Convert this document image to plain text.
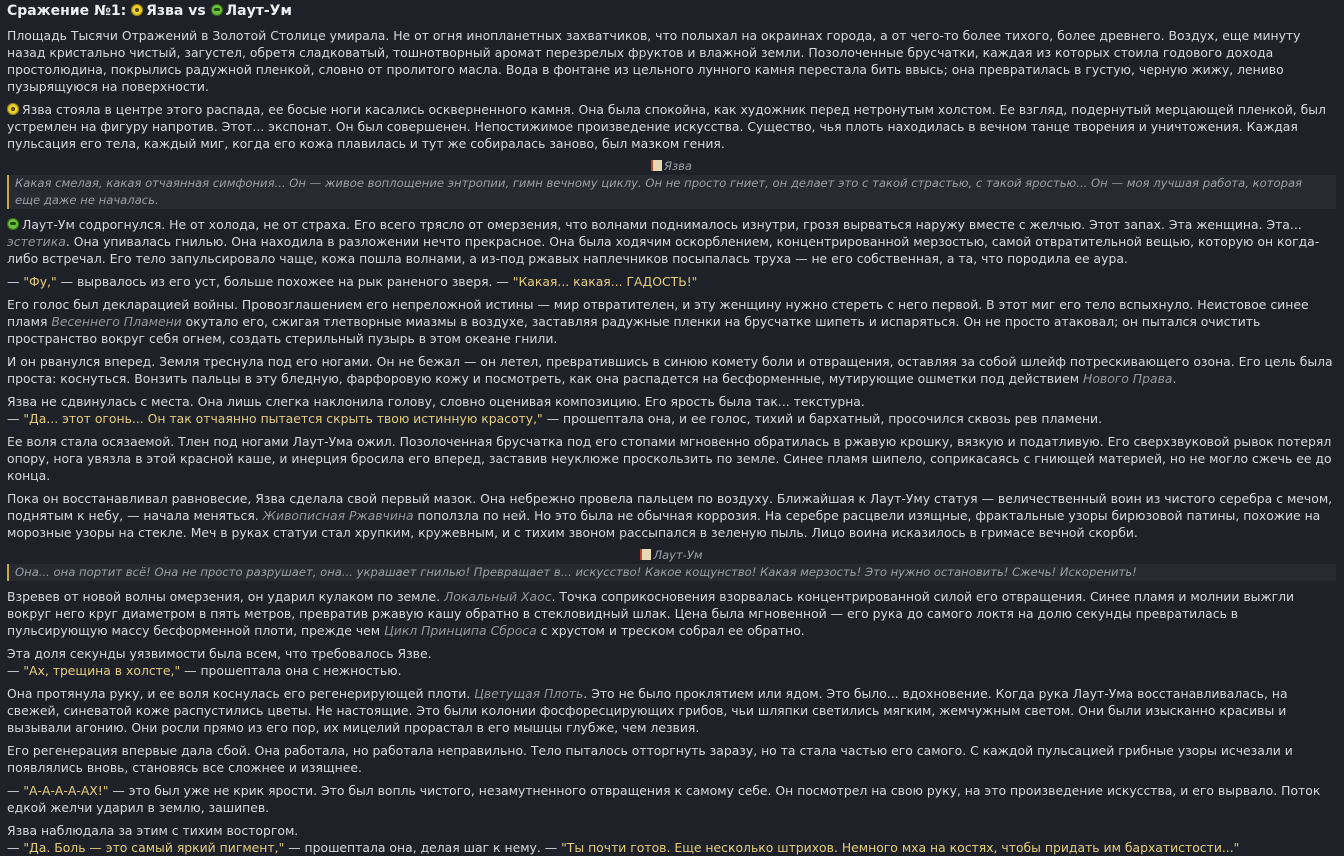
Сражение №1: Язва vs Лаут-Ум

Площадь Тысячи Отражений в Золотой Столице умирала. Не от огня инопланетных захватчиков, что полыхал на окраинах города, а от чего-то более тихого, более древнего. Воздух, еще минуту назад кристально чистый, загустел, обретя сладковатый, тошнотворный аромат перезрелых фруктов и влажной земли. Позолоченные брусчатки, каждая из которых стоила годового дохода простолюдина, покрылись радужной пленкой, словно от пролитого масла. Вода в фонтане из цельного лунного камня перестала бить ввысь; она превратилась в густую, черную жижу, лениво пузырящуюся на поверхности.

Язва стояла в центре этого распада, ее босые ноги касались оскверненного камня. Она была спокойна, как художник перед нетронутым холстом. Ее взгляд, подернутый мерцающей пленкой, был устремлен на фигуру напротив. Этот... экспонат. Он был совершенен. Непостижимое произведение искусства. Существо, чья плоть находилась в вечном танце творения и уничтожения. Каждая пульсация его тела, каждый миг, когда его кожа плавилась и тут же собиралась заново, был мазком гения.

Язва
Какая смелая, какая отчаянная симфония... Он — живое воплощение энтропии, гимн вечному циклу. Он не просто гниет, он делает это с такой страстью, с такой яростью... Он — моя лучшая работа, которая еще даже не началась.

Лаут-Ум содрогнулся. Не от холода, не от страха. Его всего трясло от омерзения, что волнами поднималось изнутри, грозя вырваться наружу вместе с желчью. Этот запах. Эта женщина. Эта... эстетика. Она упивалась гнилью. Она находила в разложении нечто прекрасное. Она была ходячим оскорблением, концентрированной мерзостью, самой отвратительной вещью, которую он когда-либо встречал. Его тело запульсировало чаще, кожа пошла волнами, а из-под ржавых наплечников посыпалась труха — не его собственная, а та, что породила ее аура.

— "Фу," — вырвалось из его уст, больше похожее на рык раненого зверя. — "Какая... какая... ГАДОСТЬ!"

Его голос был декларацией войны. Провозглашением его непреложной истины — мир отвратителен, и эту женщину нужно стереть с него первой. В этот миг его тело вспыхнуло. Неистовое синее пламя Весеннего Пламени окутало его, сжигая тлетворные миазмы в воздухе, заставляя радужные пленки на брусчатке шипеть и испаряться. Он не просто атаковал; он пытался очистить пространство вокруг себя огнем, создать стерильный пузырь в этом океане гнили.

И он рванулся вперед. Земля треснула под его ногами. Он не бежал — он летел, превратившись в синюю комету боли и отвращения, оставляя за собой шлейф потрескивающего озона. Его цель была проста: коснуться. Вонзить пальцы в эту бледную, фарфоровую кожу и посмотреть, как она распадется на бесформенные, мутирующие ошметки под действием Нового Права.

Язва не сдвинулась с места. Она лишь слегка наклонила голову, словно оценивая композицию. Его ярость была так... текстурна.
— "Да... этот огонь... Он так отчаянно пытается скрыть твою истинную красоту," — прошептала она, и ее голос, тихий и бархатный, просочился сквозь рев пламени.

Ее воля стала осязаемой. Тлен под ногами Лаут-Ума ожил. Позолоченная брусчатка под его стопами мгновенно обратилась в ржавую крошку, вязкую и податливую. Его сверхзвуковой рывок потерял опору, нога увязла в этой красной каше, и инерция бросила его вперед, заставив неуклюже проскользить по земле. Синее пламя шипело, соприкасаясь с гниющей материей, но не могло сжечь ее до конца.

Пока он восстанавливал равновесие, Язва сделала свой первый мазок. Она небрежно провела пальцем по воздуху. Ближайшая к Лаут-Уму статуя — величественный воин из чистого серебра с мечом, поднятым к небу, — начала меняться. Живописная Ржавчина поползла по ней. Но это была не обычная коррозия. На серебре расцвели изящные, фрактальные узоры бирюзовой патины, похожие на морозные узоры на стекле. Меч в руках статуи стал хрупким, кружевным, и с тихим звоном рассыпался в зеленую пыль. Лицо воина исказилось в гримасе вечной скорби.

Лаут-Ум
Она... она портит всё! Она не просто разрушает, она... украшает гнилью! Превращает в... искусство! Какое кощунство! Какая мерзость! Это нужно остановить! Сжечь! Искоренить!

Взревев от новой волны омерзения, он ударил кулаком по земле. Локальный Хаос. Точка соприкосновения взорвалась концентрированной силой его отвращения. Синее пламя и молнии выжгли вокруг него круг диаметром в пять метров, превратив ржавую кашу обратно в стекловидный шлак. Цена была мгновенной — его рука до самого локтя на долю секунды превратилась в пульсирующую массу бесформенной плоти, прежде чем Цикл Принципа Сброса с хрустом и треском собрал ее обратно.

Эта доля секунды уязвимости была всем, что требовалось Язве.
— "Ах, трещина в холсте," — прошептала она с нежностью.

Она протянула руку, и ее воля коснулась его регенерирующей плоти. Цветущая Плоть. Это не было проклятием или ядом. Это было... вдохновение. Когда рука Лаут-Ума восстанавливалась, на свежей, синеватой коже распустились цветы. Не настоящие. Это были колонии фосфоресцирующих грибов, чьи шляпки светились мягким, жемчужным светом. Они были изысканно красивы и вызывали агонию. Они росли прямо из его пор, их мицелий прорастал в его мышцы глубже, чем лезвия.

Его регенерация впервые дала сбой. Она работала, но работала неправильно. Тело пыталось отторгнуть заразу, но та стала частью его самого. С каждой пульсацией грибные узоры исчезали и появлялись вновь, становясь все сложнее и изящнее.

— "А-А-А-А-АХ!" — это был уже не крик ярости. Это был вопль чистого, незамутненного отвращения к самому себе. Он посмотрел на свою руку, на это произведение искусства, и его вырвало. Поток едкой желчи ударил в землю, зашипев.

Язва наблюдала за этим с тихим восторгом.
— "Да. Боль — это самый яркий пигмент," — прошептала она, делая шаг к нему. — "Ты почти готов. Еще несколько штрихов. Немного мха на костях, чтобы придать им бархатистости..."
